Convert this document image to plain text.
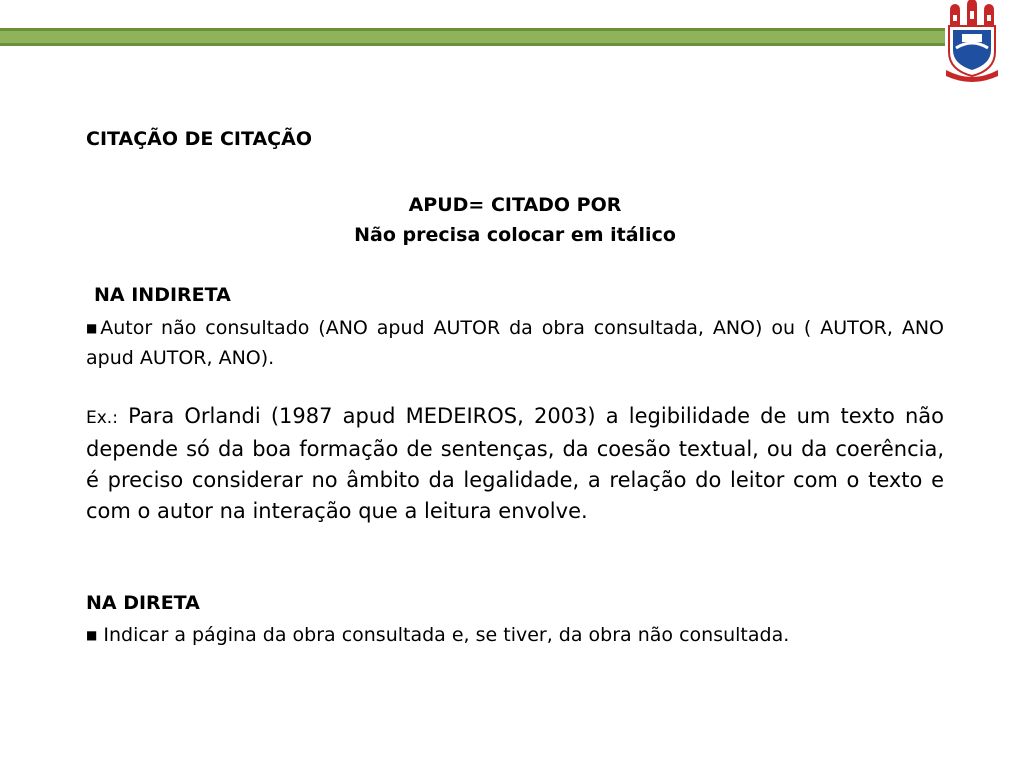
CITAÇÃO DE CITAÇÃO
APUD= CITADO POR
Não precisa colocar em itálico
NA INDIRETA
■Autor não consultado (ANO apud AUTOR da obra consultada, ANO) ou ( AUTOR, ANO apud AUTOR, ANO).
Ex.: Para Orlandi (1987 apud MEDEIROS, 2003) a legibilidade de um texto não depende só da boa formação de sentenças, da coesão textual, ou da coerência, é preciso considerar no âmbito da legalidade, a relação do leitor com o texto e com o autor na interação que a leitura envolve.
NA DIRETA
■ Indicar a página da obra consultada e, se tiver, da obra não consultada.
